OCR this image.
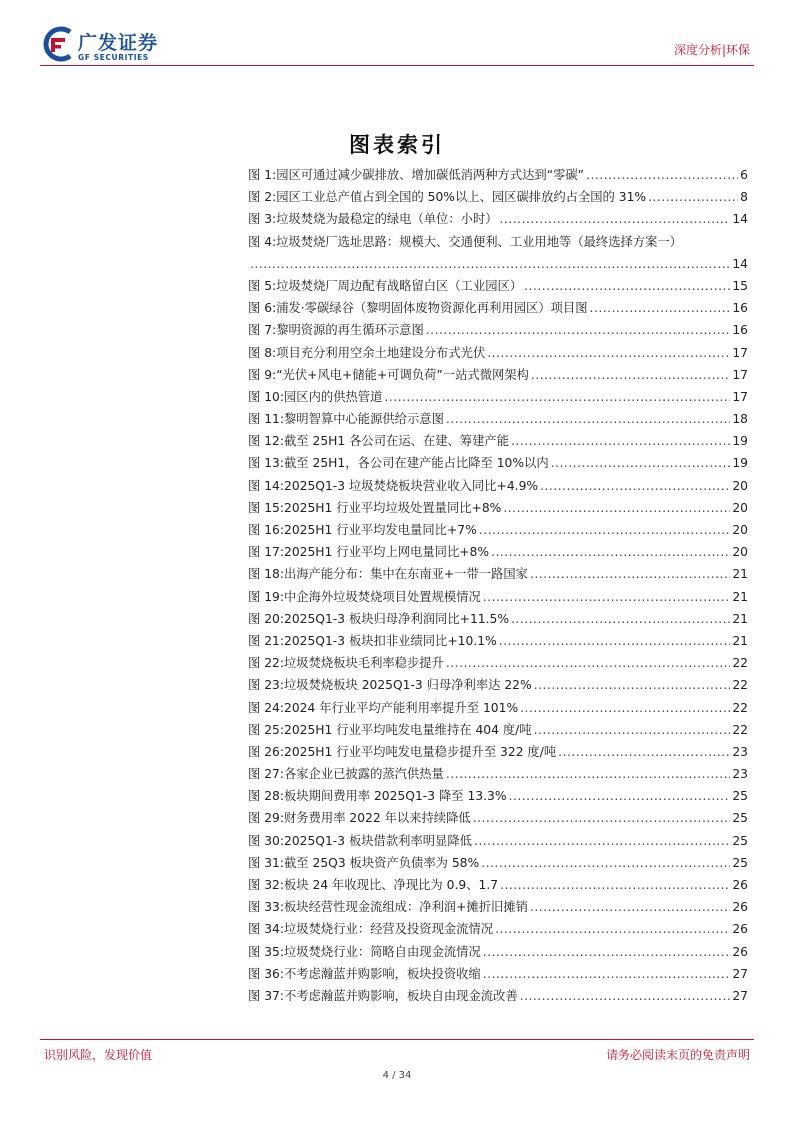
广发证券
GF SECURITIES
深度分析|环保
图表索引
图 1: 园区可通过减少碳排放、增加碳低消两种方式达到“零碳” .....	6
图 2: 园区工业总产值占到全国的 50%以上、园区碳排放约占全国的 31% .....	8
图 3: 垃圾焚烧为最稳定的绿电（单位：小时） .....	14
图 4: 垃圾焚烧厂选址思路：规模大、交通便利、工业用地等（最终选择方案一）
.....
14
图 5: 垃圾焚烧厂周边配有战略留白区（工业园区） .....	15
图 6: 浦发·零碳绿谷（黎明固体废物资源化再利用园区）项目图 .....	16
图 7: 黎明资源的再生循环示意图 .....	16
图 8: 项目充分利用空余土地建设分布式光伏 .....	17
图 9: “光伏+风电+储能+可调负荷”一站式微网架构 .....	17
图 10: 园区内的供热管道 .....	17
图 11: 黎明智算中心能源供给示意图 .....	18
图 12: 截至 25H1 各公司在运、在建、筹建产能 .....	19
图 13: 截至 25H1，各公司在建产能占比降至 10%以内 .....	19
图 14: 2025Q1-3 垃圾焚烧板块营业收入同比+4.9% .....	20
图 15: 2025H1 行业平均垃圾处置量同比+8% .....	20
图 16: 2025H1 行业平均发电量同比+7% .....	20
图 17: 2025H1 行业平均上网电量同比+8% .....	20
图 18: 出海产能分布：集中在东南亚+一带一路国家 .....	21
图 19: 中企海外垃圾焚烧项目处置规模情况 .....	21
图 20: 2025Q1-3 板块归母净利润同比+11.5% .....	21
图 21: 2025Q1-3 板块扣非业绩同比+10.1% .....	21
图 22: 垃圾焚烧板块毛利率稳步提升 .....	22
图 23: 垃圾焚烧板块 2025Q1-3 归母净利率达 22% .....	22
图 24: 2024 年行业平均产能利用率提升至 101% .....	22
图 25: 2025H1 行业平均吨发电量维持在 404 度/吨 .....	22
图 26: 2025H1 行业平均吨发电量稳步提升至 322 度/吨 .....	23
图 27: 各家企业已披露的蒸汽供热量 .....	23
图 28: 板块期间费用率 2025Q1-3 降至 13.3% .....	25
图 29: 财务费用率 2022 年以来持续降低 .....	25
图 30: 2025Q1-3 板块借款利率明显降低 .....	25
图 31: 截至 25Q3 板块资产负债率为 58% .....	25
图 32: 板块 24 年收现比、净现比为 0.9、1.7 .....	26
图 33: 板块经营性现金流组成：净利润+摊折旧摊销 .....	26
图 34: 垃圾焚烧行业：经营及投资现金流情况 .....	26
图 35: 垃圾焚烧行业：简略自由现金流情况 .....	26
图 36: 不考虑瀚蓝并购影响，板块投资收缩 .....	27
图 37: 不考虑瀚蓝并购影响，板块自由现金流改善 .....	27
识别风险，发现价值	请务必阅读末页的免责声明
4 / 34
